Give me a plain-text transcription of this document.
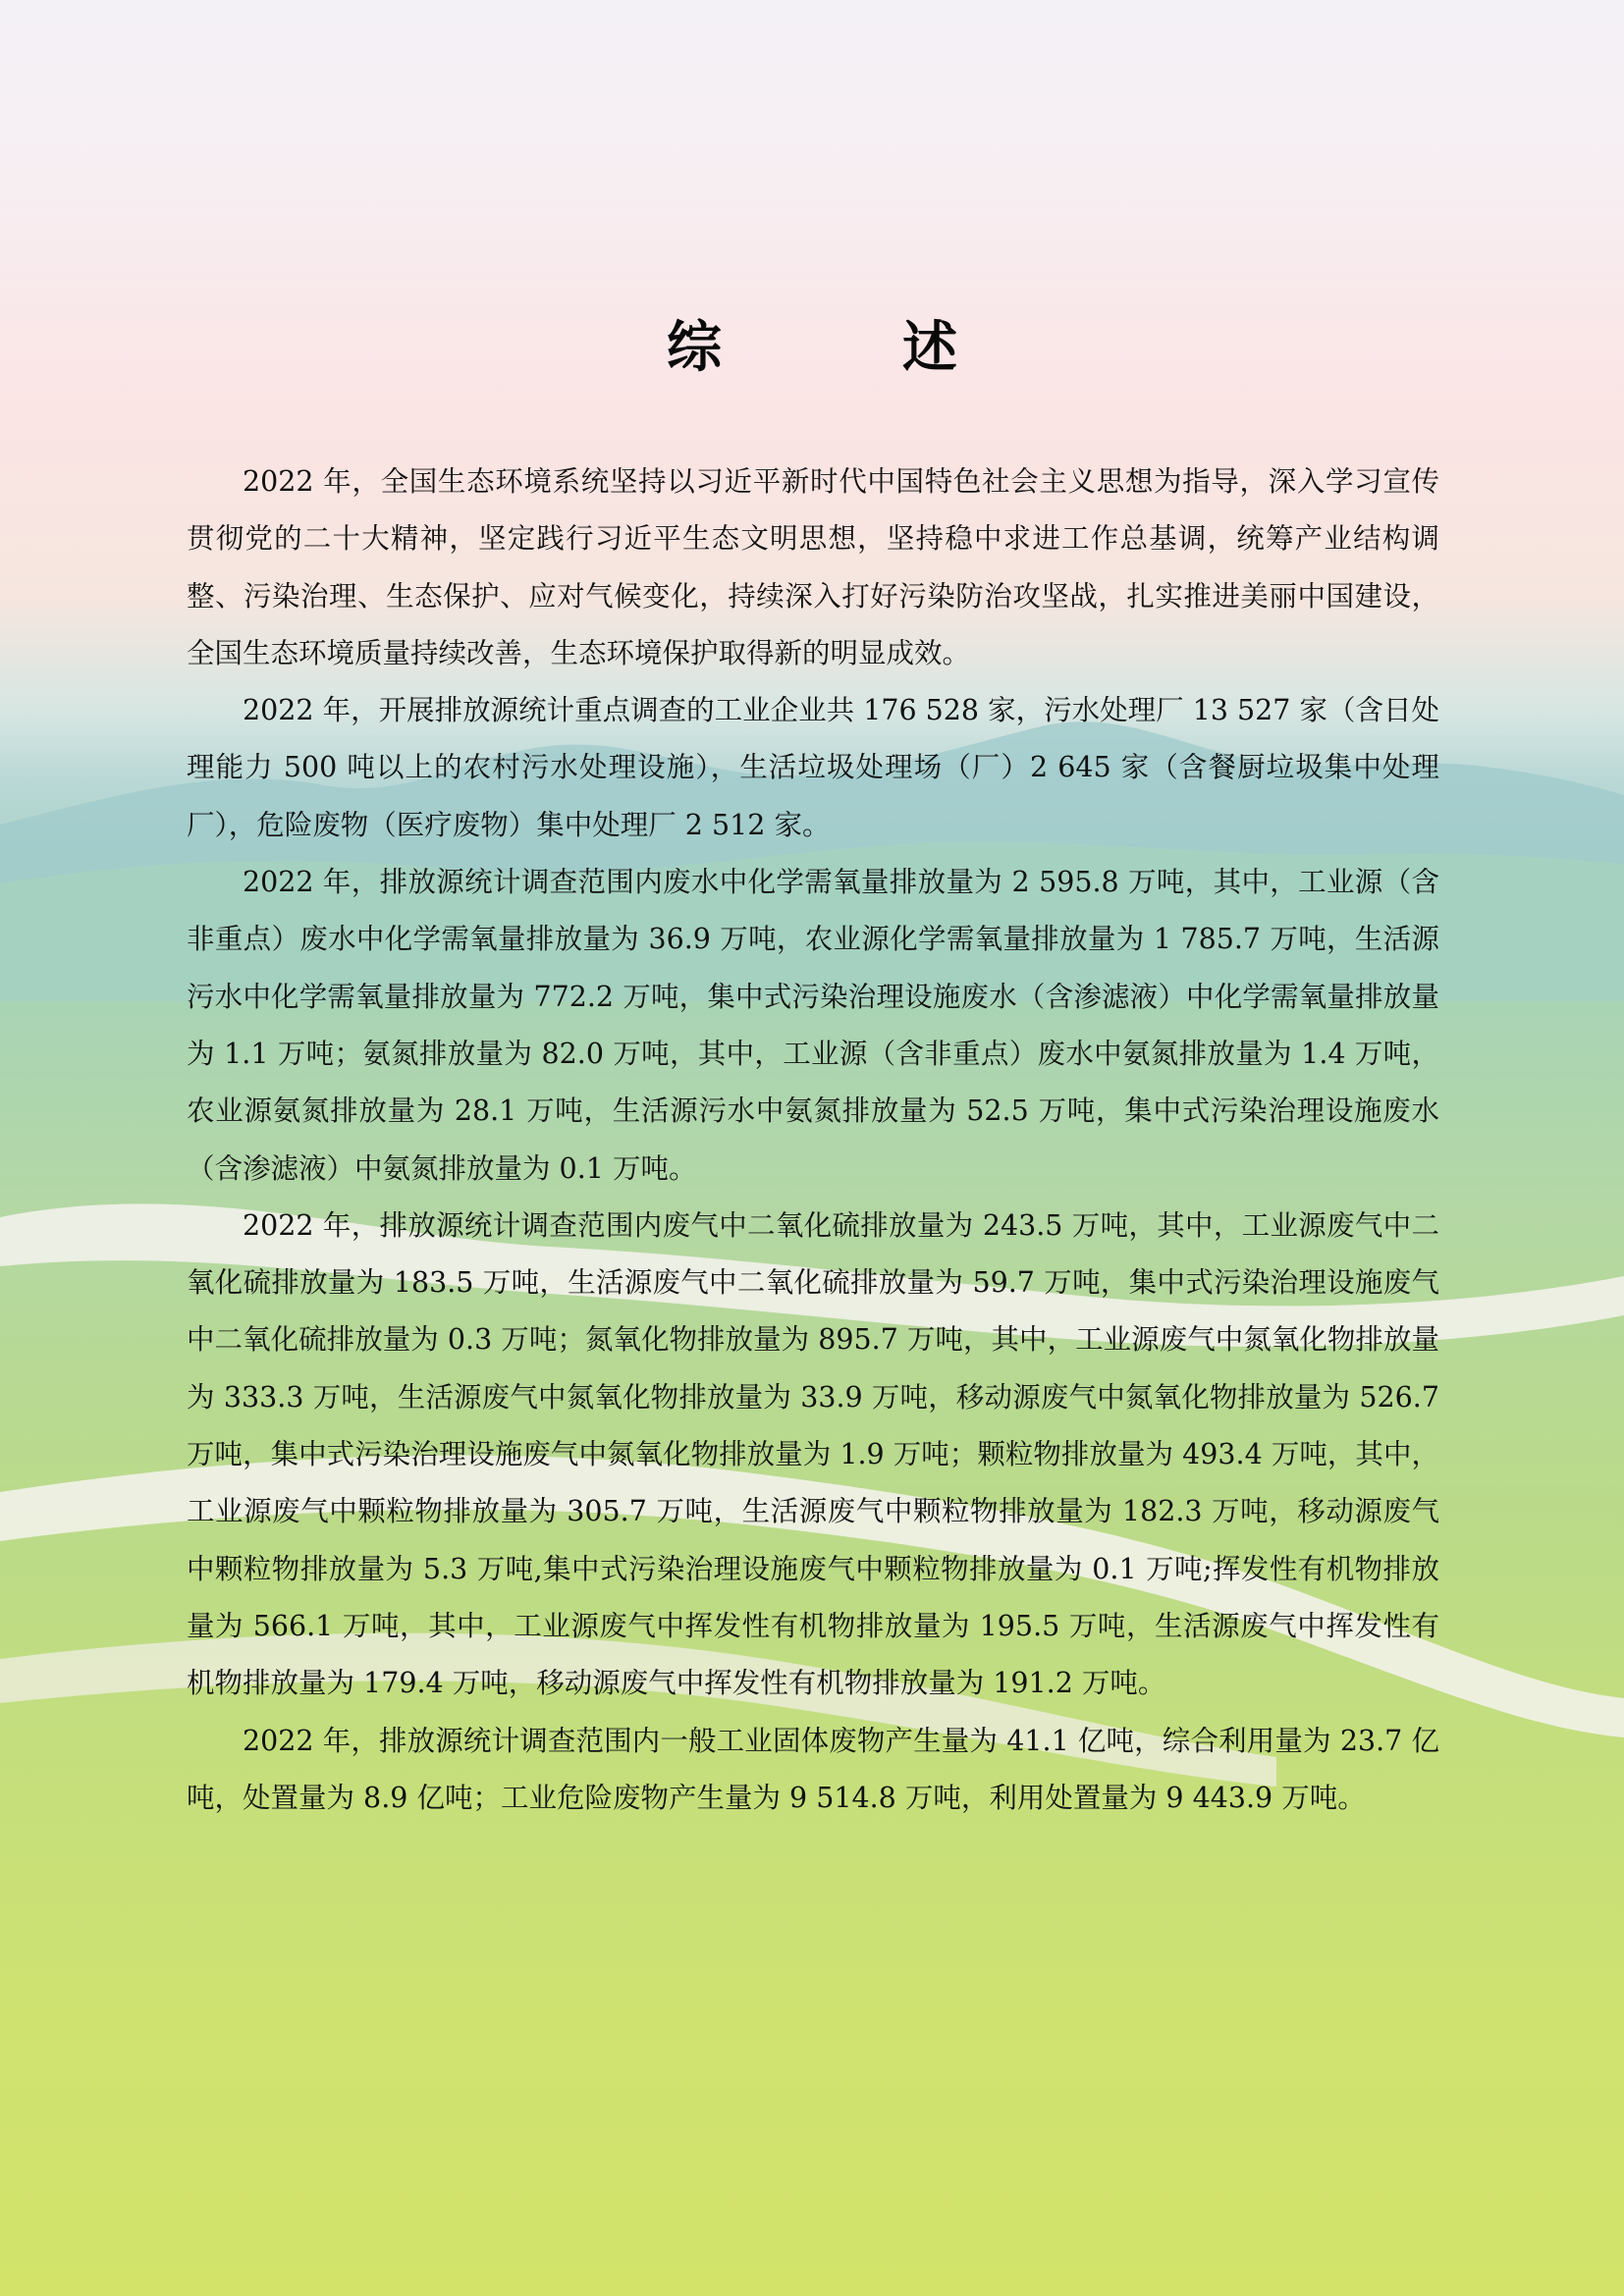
综　述

2022 年，全国生态环境系统坚持以习近平新时代中国特色社会主义思想为指导，深入学习宣传贯彻党的二十大精神，坚定践行习近平生态文明思想，坚持稳中求进工作总基调，统筹产业结构调整、污染治理、生态保护、应对气候变化，持续深入打好污染防治攻坚战，扎实推进美丽中国建设，全国生态环境质量持续改善，生态环境保护取得新的明显成效。

2022 年，开展排放源统计重点调查的工业企业共 176 528 家，污水处理厂 13 527 家（含日处理能力 500 吨以上的农村污水处理设施），生活垃圾处理场（厂）2 645 家（含餐厨垃圾集中处理厂），危险废物（医疗废物）集中处理厂 2 512 家。

2022 年，排放源统计调查范围内废水中化学需氧量排放量为 2 595.8 万吨，其中，工业源（含非重点）废水中化学需氧量排放量为 36.9 万吨，农业源化学需氧量排放量为 1 785.7 万吨，生活源污水中化学需氧量排放量为 772.2 万吨，集中式污染治理设施废水（含渗滤液）中化学需氧量排放量为 1.1 万吨；氨氮排放量为 82.0 万吨，其中，工业源（含非重点）废水中氨氮排放量为 1.4 万吨，农业源氨氮排放量为 28.1 万吨，生活源污水中氨氮排放量为 52.5 万吨，集中式污染治理设施废水（含渗滤液）中氨氮排放量为 0.1 万吨。

2022 年，排放源统计调查范围内废气中二氧化硫排放量为 243.5 万吨，其中，工业源废气中二氧化硫排放量为 183.5 万吨，生活源废气中二氧化硫排放量为 59.7 万吨，集中式污染治理设施废气中二氧化硫排放量为 0.3 万吨；氮氧化物排放量为 895.7 万吨，其中，工业源废气中氮氧化物排放量为 333.3 万吨，生活源废气中氮氧化物排放量为 33.9 万吨，移动源废气中氮氧化物排放量为 526.7 万吨，集中式污染治理设施废气中氮氧化物排放量为 1.9 万吨；颗粒物排放量为 493.4 万吨，其中，工业源废气中颗粒物排放量为 305.7 万吨，生活源废气中颗粒物排放量为 182.3 万吨，移动源废气中颗粒物排放量为 5.3 万吨,集中式污染治理设施废气中颗粒物排放量为 0.1 万吨;挥发性有机物排放量为 566.1 万吨，其中，工业源废气中挥发性有机物排放量为 195.5 万吨，生活源废气中挥发性有机物排放量为 179.4 万吨，移动源废气中挥发性有机物排放量为 191.2 万吨。

2022 年，排放源统计调查范围内一般工业固体废物产生量为 41.1 亿吨，综合利用量为 23.7 亿吨，处置量为 8.9 亿吨；工业危险废物产生量为 9 514.8 万吨，利用处置量为 9 443.9 万吨。
